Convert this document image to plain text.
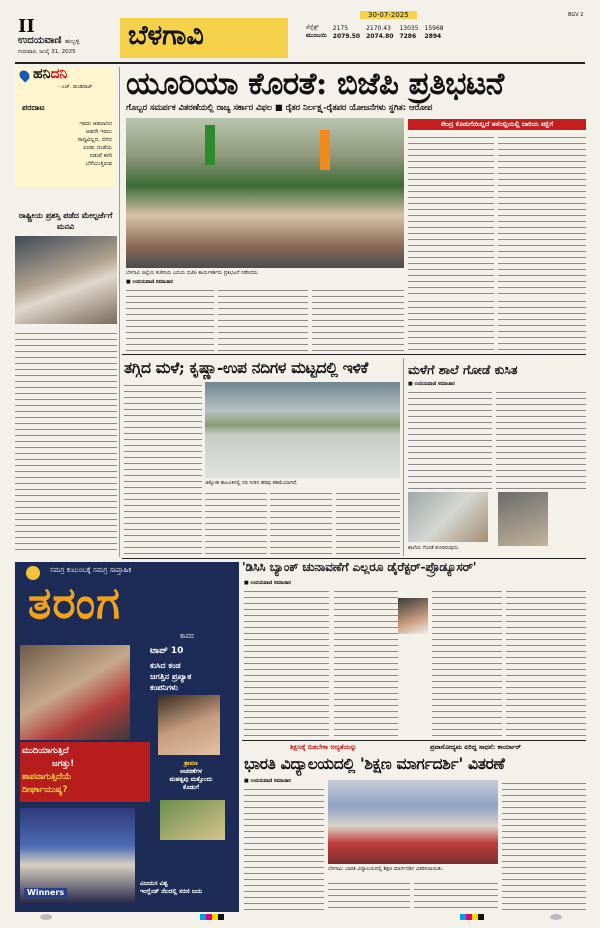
II
ಉದಯವಾಣಿ ಹುಬ್ಬಳ್ಳಿ
ಗುರುವಾರ, ಜುಲೈ 31, 2025
ಬೆಳಗಾವಿ
30-07-2025	BGV 2
ಸೆನ್ಸೆಕ್ಸ್	2175	2170.43	13035	15968
ಮುಂಬಯಿ	2079.50	2074.80	7286	2894
ಹನಿದನಿ
- ಎಚ್. ಡುಂಡಿರಾಜ್
ಪರದಾಟ
ಇವರು ಆಡಲಾಗದ
ಆಡದೇ ಇರಲು
ಸಾಧ್ಯವಿಲ್ಲದ, ಬಿಳಿದ
ಏರಡು ದಂಡೆಯ
ನಡುವೆ ಕರಗಿ
ಬೆಳೆಯುತ್ತಿರುವ
ರಾಷ್ಟ್ರೀಯ ಪ್ರಶಸ್ತಿ ಪಡೆದ ಮೇಲ್ಪರ್ಜೆಗೆ ಮನವಿ
ಯೂರಿಯಾ ಕೊರತೆ: ಬಿಜೆಪಿ ಪ್ರತಿಭಟನೆ
ಗೊಬ್ಬರ ಸಮರ್ಪಕ ವಿತರಣೆಯಲ್ಲಿ ರಾಜ್ಯ ಸರ್ಕಾರ ವಿಫಲ ■ ರೈತರ ನಿರ್ಲಕ್ಷ್ಯ-ರೈತಪರ ಯೋಜನೆಗಳು ಸ್ಥಗಿತ: ಆರೋಪ
ಬೆಳಗಾವಿ ಜಿಲ್ಲೆಯ ಕಚೇರಿಯ ಎದುರು ಬಿಜೆಪಿ ಕಾರ್ಯಕರ್ತರು ಪ್ರತಿಭಟನೆ ನಡೆಸಿದರು.
ಕೇಂದ್ರ ಕೊಡುಗೆಯಿಲ್ಲದೆ ಅಸೆಂಬ್ಲಿಯಲ್ಲಿ ದಾರಿಯ ಪಕ್ಷೆಗೆ
■ ಉದಯವಾಣಿ ಸಮಾಚಾರ
ತಗ್ಗಿದ ಮಳೆ; ಕೃಷ್ಣಾ-ಉಪ ನದಿಗಳ ಮಟ್ಟದಲ್ಲಿ ಇಳಿಕೆ
ಚಿಕ್ಕೋಡಿ ತಾಲೂಕಿನಲ್ಲಿ ನದಿ ನೀರಿನ ಹರಿವು ಕಡಿಮೆಯಾಗಿದೆ.
ಮಳೆಗೆ ಶಾಲೆ ಗೋಡೆ ಕುಸಿತ
■ ಉದಯವಾಣಿ ಸಮಾಚಾರ
ಶಾಲೆಯ ಗೋಡೆ ಕುಸಿದಿರುವುದು.
ಸಮಗ್ರ ಕುಟುಂಬಕ್ಕೆ ಸಮಗ್ರ ಸಾಪ್ತಾಹಿಕ
ತರಂಗ
ಕಾವರ
ಟಾಪ್ 10
ಕುಸಿದ ಕಂಡ
ಜಗತ್ತಿನ ಪ್ರಖ್ಯಾತ
ಕಂಪನಿಗಳು
ಮುದಿಯಾಗುತ್ತಿದೆ
ಜಗತ್ತು!
ಶಾಪವಾಗುತ್ತಿದೆಯೆ
ದೀರ್ಘಾಯುಷ್ಯ?
ಶ್ರಾವಣ
ಆಚರಣೆಗಳ
ಮಹತ್ವವು ಮತ್ತೊಂದು
ಕೊಡುಗೆ
Winners
ವಿಜಯಸ ವಿಶ್ವ
ಇಂಗ್ಲೆಂಡ್ ನೆಲದಲ್ಲಿ ಸರಣಿ ಜಯ
'ಡಿಸಿಸಿ ಬ್ಯಾಂಕ್ ಚುನಾವಣೆಗೆ ಎಲ್ಲರೂ ಡೈರೆಕ್ಟರ್-ಪ್ರೊಡ್ಯೂಸರ್'
■ ಉದಯವಾಣಿ ಸಮಾಚಾರ
ಶಿಕ್ಷಣಕ್ಕೆ ಬಿಡಬೇಕಾ ಆದ್ಯತೆಯನ್ನು	ಪ್ರವಾಸೋದ್ಯಮ ಏರಿದ್ದ ಸಾಧನೆ: ಕಾರ್ಯಾರ್
ಭಾರತಿ ವಿದ್ಯಾಲಯದಲ್ಲಿ 'ಶಿಕ್ಷಣ ಮಾರ್ಗದರ್ಶಿ' ವಿತರಣೆ
■ ಉದಯವಾಣಿ ಸಮಾಚಾರ
ಬೆಳಗಾವಿ: ಭಾರತಿ ವಿದ್ಯಾಲಯದಲ್ಲಿ ಶಿಕ್ಷಣ ಮಾರ್ಗದರ್ಶಿ ವಿತರಿಸಲಾಯಿತು.
